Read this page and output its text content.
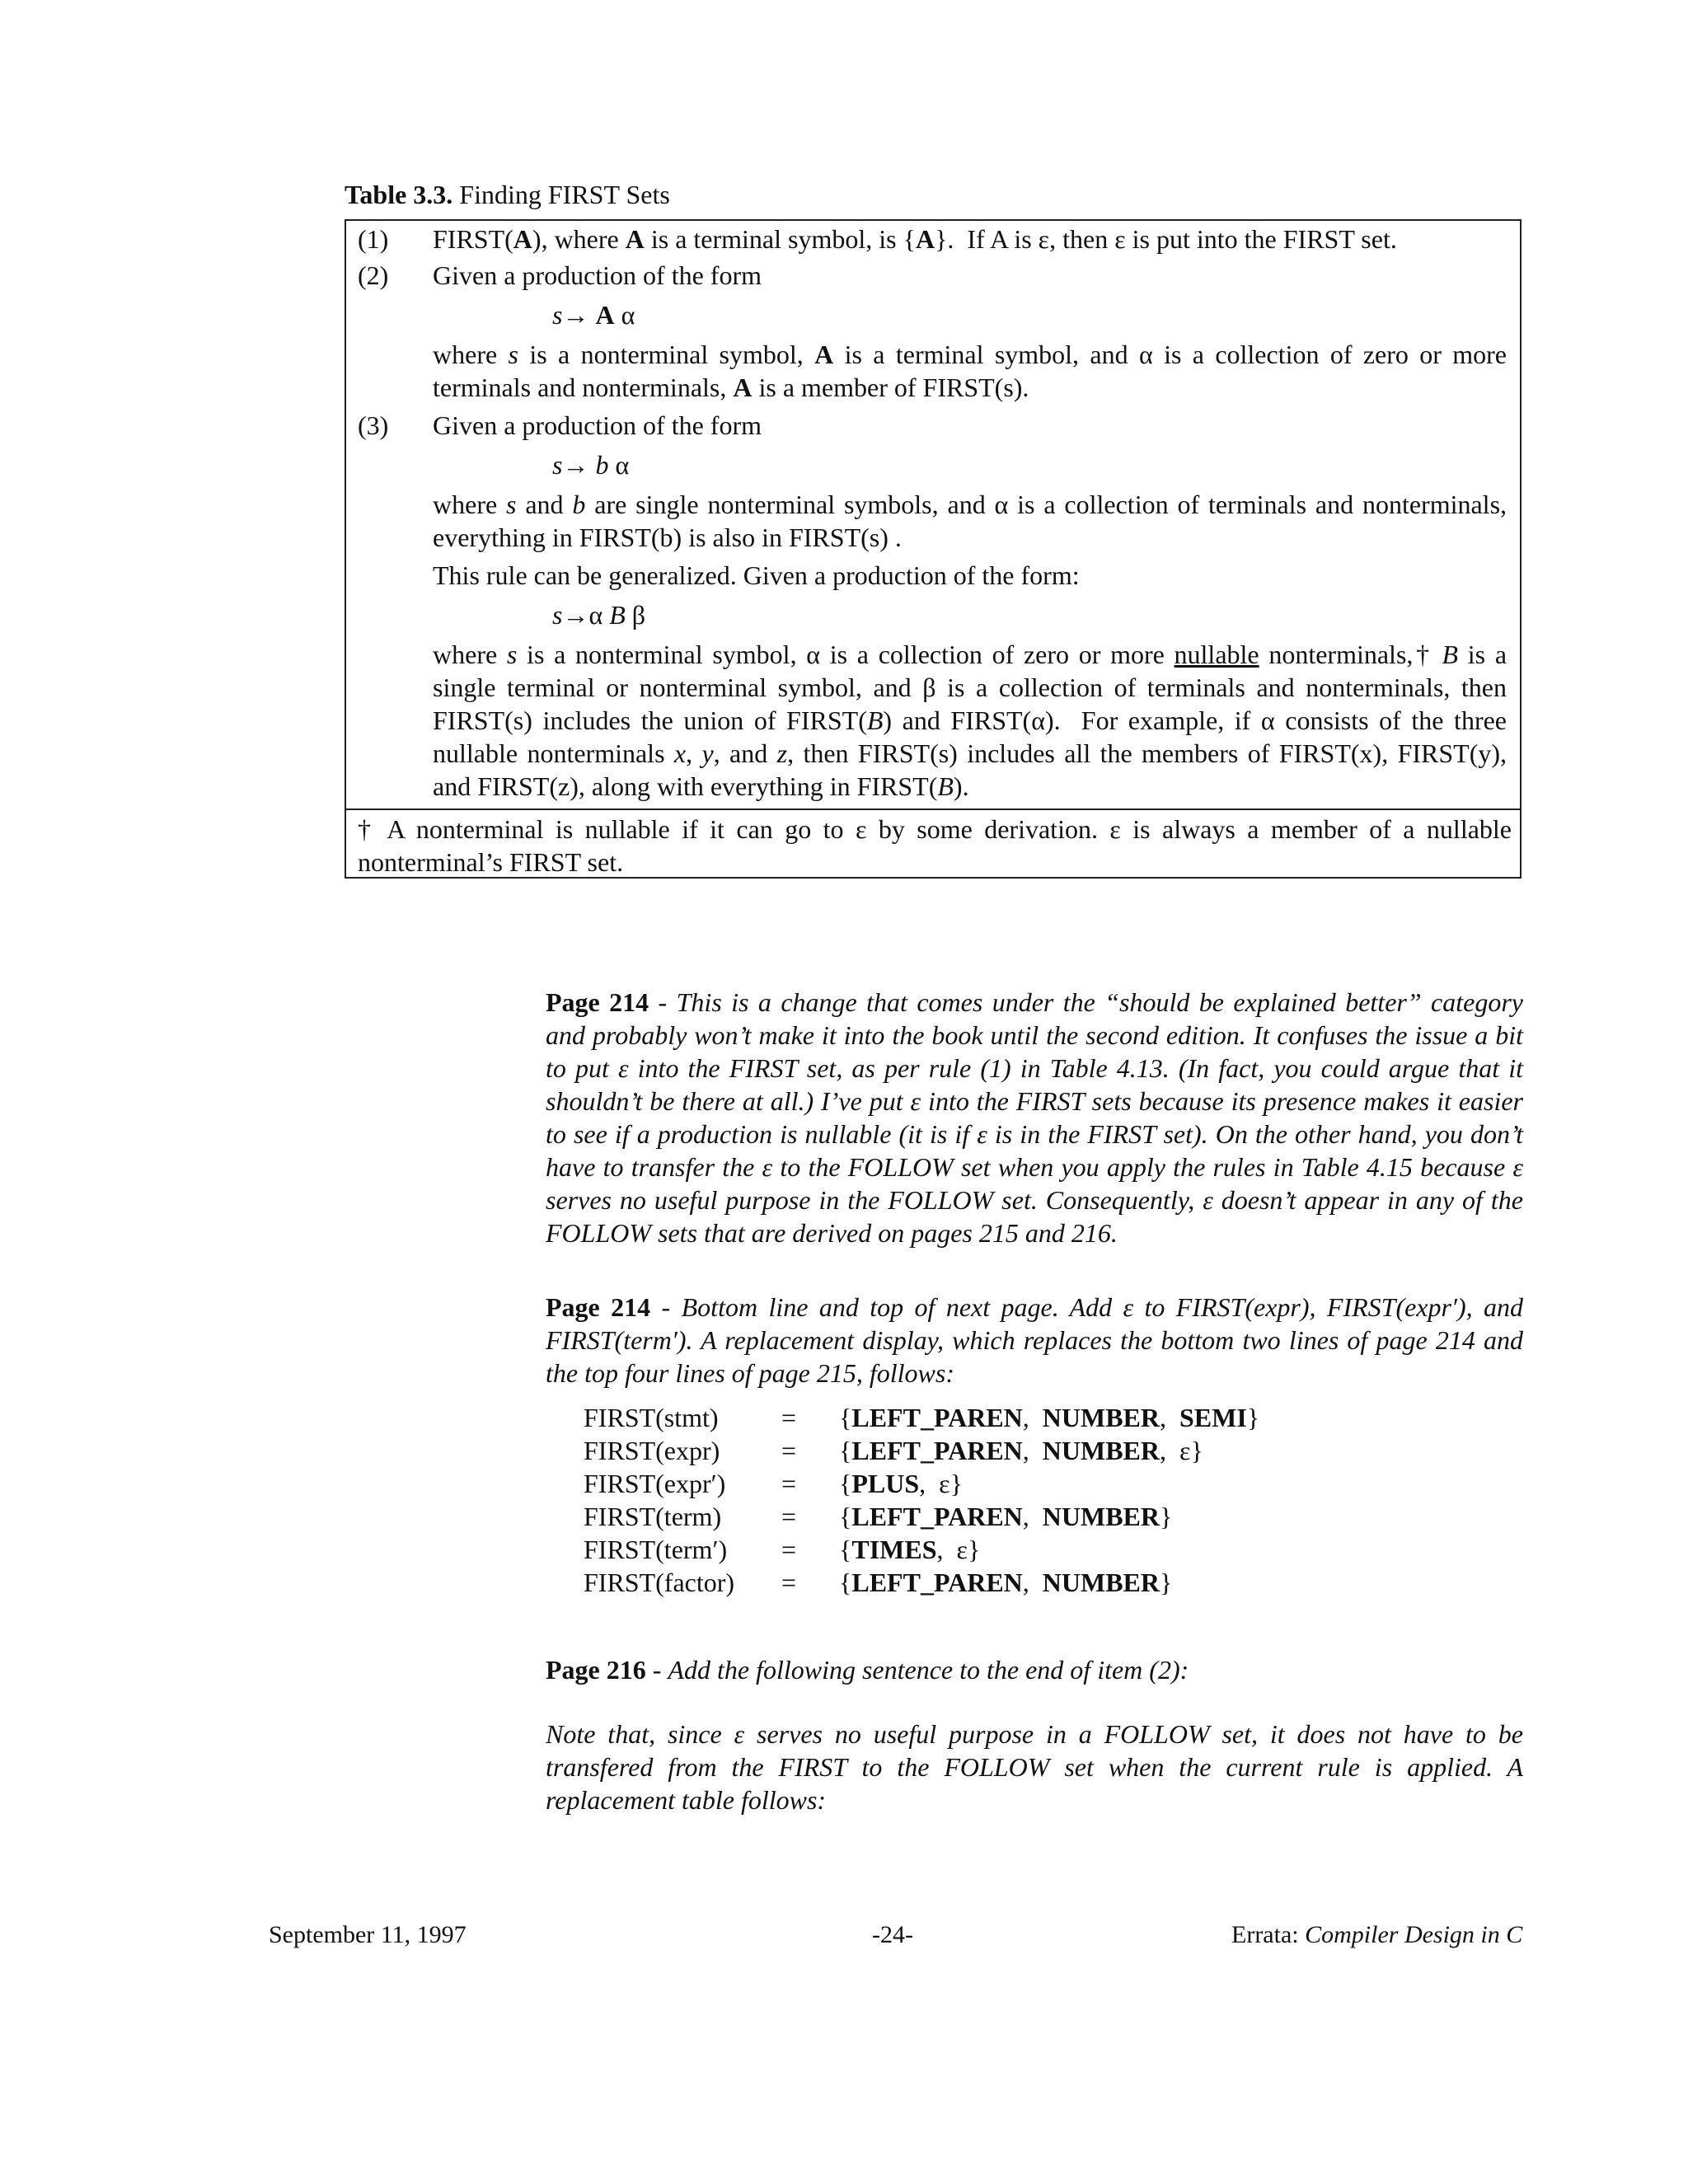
Table 3.3. Finding FIRST Sets
(1) FIRST(A), where A is a terminal symbol, is {A}.  If A is ε, then ε is put into the FIRST set.
(2) Given a production of the form
s→ A α
where s is a nonterminal symbol, A is a terminal symbol, and α is a collection of zero or more terminals and nonterminals, A is a member of FIRST(s).
(3) Given a production of the form
s→ b α
where s and b are single nonterminal symbols, and α is a collection of terminals and nonterminals, everything in FIRST(b) is also in FIRST(s) .
This rule can be generalized. Given a production of the form:
s→α B β
where s is a nonterminal symbol, α is a collection of zero or more nullable nonterminals,† B is a single terminal or nonterminal symbol, and β is a collection of terminals and nonterminals, then FIRST(s) includes the union of FIRST(B) and FIRST(α).  For example, if α consists of the three nullable nonterminals x, y, and z, then FIRST(s) includes all the members of FIRST(x), FIRST(y), and FIRST(z), along with everything in FIRST(B).
† A nonterminal is nullable if it can go to ε by some derivation. ε is always a member of a nullable nonterminal’s FIRST set.

Page 214 - This is a change that comes under the “should be explained better” category and probably won’t make it into the book until the second edition. It confuses the issue a bit to put ε into the FIRST set, as per rule (1) in Table 4.13. (In fact, you could argue that it shouldn’t be there at all.) I’ve put ε into the FIRST sets because its presence makes it easier to see if a production is nullable (it is if ε is in the FIRST set). On the other hand, you don’t have to transfer the ε to the FOLLOW set when you apply the rules in Table 4.15 because ε serves no useful purpose in the FOLLOW set. Consequently, ε doesn’t appear in any of the FOLLOW sets that are derived on pages 215 and 216.

Page 214 - Bottom line and top of next page. Add ε to FIRST(expr), FIRST(expr′), and FIRST(term′). A replacement display, which replaces the bottom two lines of page 214 and the top four lines of page 215, follows:

FIRST(stmt) = {LEFT_PAREN,  NUMBER,  SEMI}
FIRST(expr) = {LEFT_PAREN,  NUMBER,  ε}
FIRST(expr′) = {PLUS,  ε}
FIRST(term) = {LEFT_PAREN,  NUMBER}
FIRST(term′) = {TIMES,  ε}
FIRST(factor) = {LEFT_PAREN,  NUMBER}

Page 216 - Add the following sentence to the end of item (2):

Note that, since ε serves no useful purpose in a FOLLOW set, it does not have to be transfered from the FIRST to the FOLLOW set when the current rule is applied. A replacement table follows:
September 11, 1997	-24-	Errata: Compiler Design in C
